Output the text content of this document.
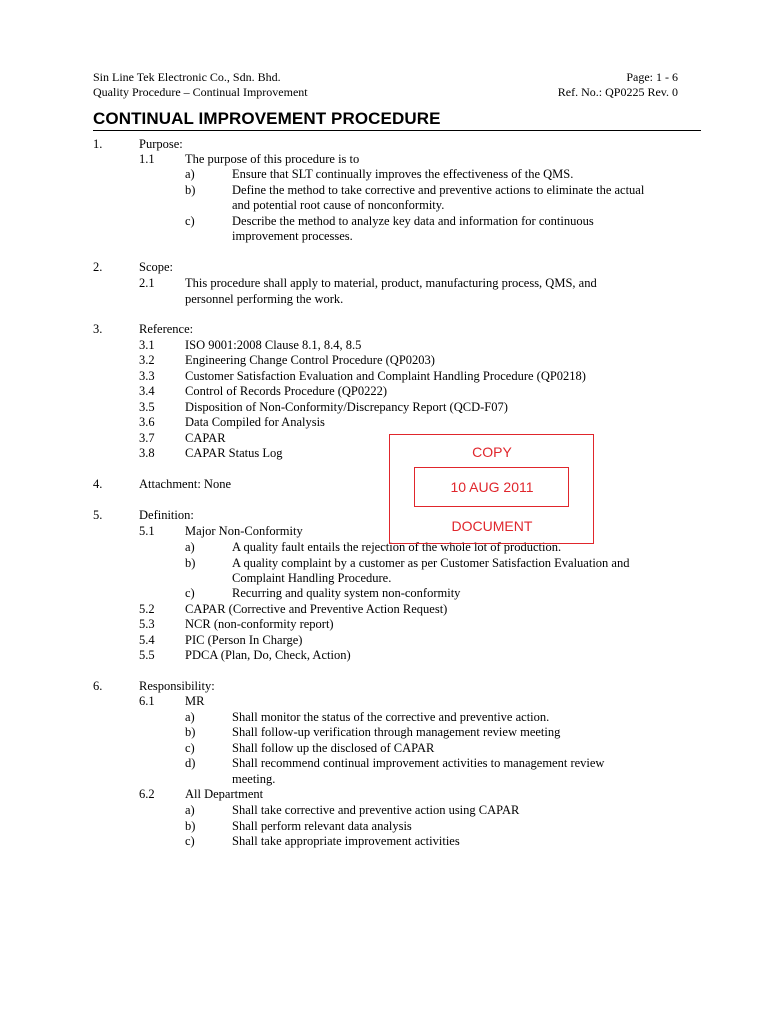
Sin Line Tek Electronic Co., Sdn. Bhd.
Quality Procedure – Continual Improvement
Page: 1 - 6
Ref. No.: QP0225 Rev. 0
CONTINUAL IMPROVEMENT PROCEDURE
1.	Purpose:
1.1 The purpose of this procedure is to
a)	Ensure that SLT continually improves the effectiveness of the QMS.
b)	Define the method to take corrective and preventive actions to eliminate the actual
and potential root cause of nonconformity.
c)	Describe the method to analyze key data and information for continuous
improvement processes.
2.	Scope:
2.1 This procedure shall apply to material, product, manufacturing process, QMS, and
personnel performing the work.
3.	Reference:
3.1 ISO 9001:2008 Clause 8.1, 8.4, 8.5
3.2 Engineering Change Control Procedure (QP0203)
3.3 Customer Satisfaction Evaluation and Complaint Handling Procedure (QP0218)
3.4 Control of Records Procedure (QP0222)
3.5 Disposition of Non-Conformity/Discrepancy Report (QCD-F07)
3.6 Data Compiled for Analysis
3.7 CAPAR
3.8 CAPAR Status Log
4.	Attachment: None
5.	Definition:
5.1 Major Non-Conformity
a)	A quality fault entails the rejection of the whole lot of production.
b)	A quality complaint by a customer as per Customer Satisfaction Evaluation and
Complaint Handling Procedure.
c)	Recurring and quality system non-conformity
5.2 CAPAR (Corrective and Preventive Action Request)
5.3 NCR (non-conformity report)
5.4 PIC (Person In Charge)
5.5 PDCA (Plan, Do, Check, Action)
6.	Responsibility:
6.1 MR
a)	Shall monitor the status of the corrective and preventive action.
b)	Shall follow-up verification through management review meeting
c)	Shall follow up the disclosed of CAPAR
d)	Shall recommend continual improvement activities to management review
meeting.
6.2 All Department
a)	Shall take corrective and preventive action using CAPAR
b)	Shall perform relevant data analysis
c)	Shall take appropriate improvement activities
COPY
10 AUG 2011
DOCUMENT
